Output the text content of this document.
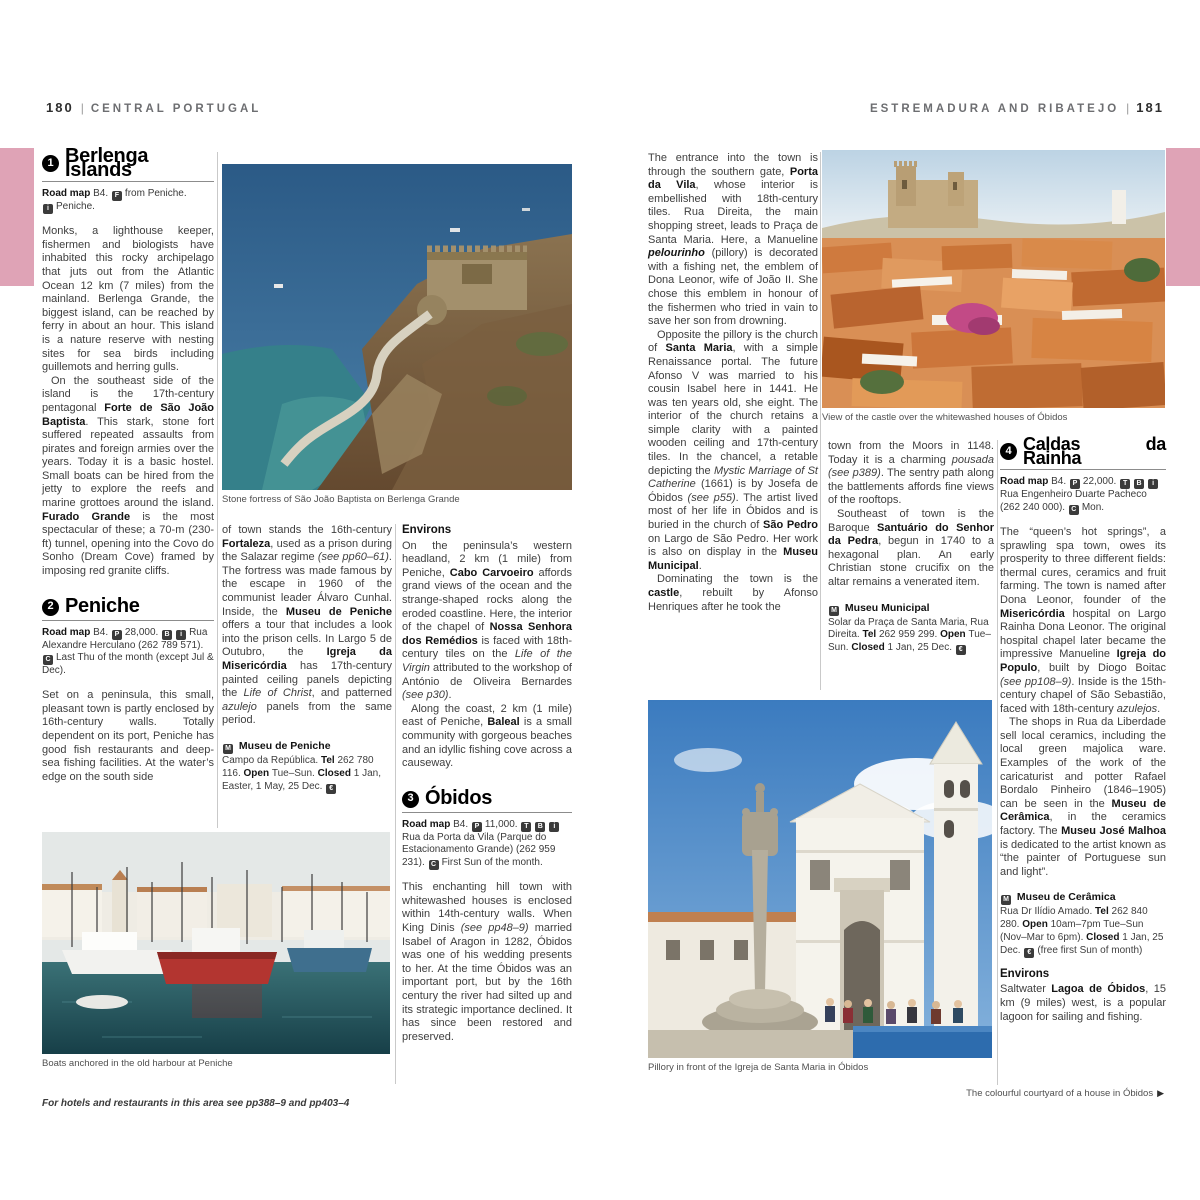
180 | CENTRAL PORTUGAL	ESTREMADURA AND RIBATEJO | 181
Stone fortress of São João Baptista on Berlenga Grande
View of the castle over the whitewashed houses of Óbidos
Boats anchored in the old harbour at Peniche	Pillory in front of the Igreja de Santa Maria in Óbidos
1 Berlenga Islands
Road map B4. F from Peniche.
i Peniche.

Monks, a lighthouse keeper, fishermen and biologists have inhabited this rocky archipelago that juts out from the Atlantic Ocean 12 km (7 miles) from the mainland. Berlenga Grande, the biggest island, can be reached by ferry in about an hour. This island is a nature reserve with nesting sites for sea birds including guillemots and herring gulls.

On the southeast side of the island is the 17th-century pentagonal Forte de São João Baptista. This stark, stone fort suffered repeated assaults from pirates and foreign armies over the years. Today it is a basic hostel. Small boats can be hired from the jetty to explore the reefs and marine grottoes around the island. Furado Grande is the most spectacular of these; a 70-m (230-ft) tunnel, opening into the Covo do Sonho (Dream Cove) framed by imposing red granite cliffs.

2 Peniche
Road map B4. P 28,000. B i Rua Alexandre Herculano (262 789 571). C Last Thu of the month (except Jul & Dec).

Set on a peninsula, this small, pleasant town is partly enclosed by 16th-century walls. Totally dependent on its port, Peniche has good fish restaurants and deep-sea fishing facilities. At the water’s edge on the south side

of town stands the 16th-century Fortaleza, used as a prison during the Salazar regime (see pp60–61). The fortress was made famous by the escape in 1960 of the communist leader Álvaro Cunhal. Inside, the Museu de Peniche offers a tour that includes a look into the prison cells. In Largo 5 de Outubro, the Igreja da Misericórdia has 17th-century painted ceiling panels depicting the Life of Christ, and patterned azulejo panels from the same period.

M Museu de Peniche
Campo da República. Tel 262 780 116. Open Tue–Sun. Closed 1 Jan, Easter, 1 May, 25 Dec. €
Environs

On the peninsula’s western headland, 2 km (1 mile) from Peniche, Cabo Carvoeiro affords grand views of the ocean and the strange-shaped rocks along the eroded coastline. Here, the interior of the chapel of Nossa Senhora dos Remédios is faced with 18th-century tiles on the Life of the Virgin attributed to the workshop of António de Oliveira Bernardes (see p30).

Along the coast, 2 km (1 mile) east of Peniche, Baleal is a small community with gorgeous beaches and an idyllic fishing cove across a causeway.

3 Óbidos
Road map B4. P 11,000. T B iRua da Porta da Vila (Parque do Estacionamento Grande) (262 959 231). C First Sun of the month.

This enchanting hill town with whitewashed houses is enclosed within 14th-century walls. When King Dinis (see pp48–9) married Isabel of Aragon in 1282, Óbidos was one of his wedding presents to her. At the time Óbidos was an important port, but by the 16th century the river had silted up and its strategic importance declined. It has since been restored and preserved.

The entrance into the town is through the southern gate, Porta da Vila, whose interior is embellished with 18th-century tiles. Rua Direita, the main shopping street, leads to Praça de Santa Maria. Here, a Manueline pelourinho (pillory) is decorated with a fishing net, the emblem of Dona Leonor, wife of João II. She chose this emblem in honour of the fishermen who tried in vain to save her son from drowning.

Opposite the pillory is the church of Santa Maria, with a simple Renaissance portal. The future Afonso V was married to his cousin Isabel here in 1441. He was ten years old, she eight. The interior of the church retains a simple clarity with a painted wooden ceiling and 17th-century tiles. In the chancel, a retable depicting the Mystic Marriage of St Catherine (1661) is by Josefa de Óbidos (see p55). The artist lived most of her life in Óbidos and is buried in the church of São Pedro on Largo de São Pedro. Her work is also on display in the Museu Municipal.

Dominating the town is the castle, rebuilt by Afonso Henriques after he took the

town from the Moors in 1148. Today it is a charming pousada (see p389). The sentry path along the battlements affords fine views of the rooftops.

Southeast of town is the Baroque Santuário do Senhor da Pedra, begun in 1740 to a hexagonal plan. An early Christian stone crucifix on the altar remains a venerated item.

M Museu Municipal
Solar da Praça de Santa Maria, Rua Direita. Tel 262 959 299. Open Tue–Sun. Closed 1 Jan, 25 Dec. €
4 Caldas da Rainha
Road map B4. P 22,000. T B iRua Engenheiro Duarte Pacheco (262 240 000). C Mon.

The “queen’s hot springs”, a sprawling spa town, owes its prosperity to three different fields: thermal cures, ceramics and fruit farming. The town is named after Dona Leonor, founder of the Misericórdia hospital on Largo Rainha Dona Leonor. The original hospital chapel later became the impressive Manueline Igreja do Populo, built by Diogo Boitac (see pp108–9). Inside is the 15th-century chapel of São Sebastião, faced with 18th-century azulejos.

The shops in Rua da Liberdade sell local ceramics, including the local green majolica ware. Examples of the work of the caricaturist and potter Rafael Bordalo Pinheiro (1846–1905) can be seen in the Museu de Cerâmica, in the ceramics factory. The Museu José Malhoa is dedicated to the artist known as “the painter of Portuguese sun and light”.

M Museu de Cerâmica
Rua Dr Ilídio Amado. Tel 262 840 280. Open 10am–7pm Tue–Sun (Nov–Mar to 6pm). Closed 1 Jan, 25 Dec. € (free first Sun of month)
Environs

Saltwater Lagoa de Óbidos, 15 km (9 miles) west, is a popular lagoon for sailing and fishing.

For hotels and restaurants in this area see pp388–9 and pp403–4
The colourful courtyard of a house in Óbidos ▶
